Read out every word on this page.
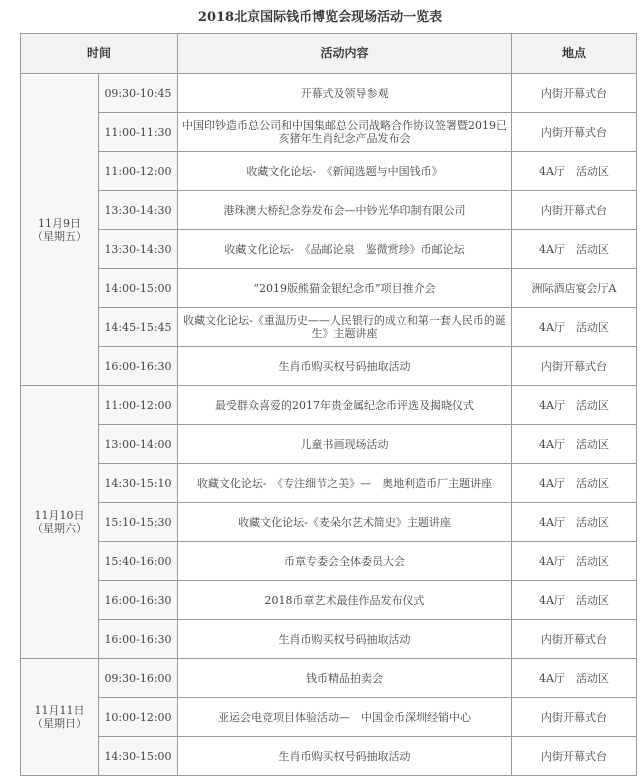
2018北京国际钱币博览会现场活动一览表
时间		活动内容	地点

11月9日
（星期五）	09:30-10:45	开幕式及领导参观	内街开幕式台
	11:00-11:30	中国印钞造币总公司和中国集邮总公司战略合作协议签署暨2019已亥猪年生肖纪念产品发布会	内街开幕式台
	11:00-12:00	收藏文化论坛-　《新闻选题与中国钱币》	4A厅　活动区
	13:30-14:30	港珠澳大桥纪念券发布会—中钞光华印制有限公司	内街开幕式台
	13:30-14:30	收藏文化论坛-　《品邮论泉　鉴微赏珍》币邮论坛	4A厅　活动区
	14:00-15:00	“2019版熊猫金银纪念币”项目推介会	洲际酒店宴会厅A
	14:45-15:45	收藏文化论坛-《重温历史——人民银行的成立和第一套人民币的诞生》主题讲座	4A厅　活动区
	16:00-16:30	生肖币购买权号码抽取活动	内街开幕式台

11月10日
（星期六）	11:00-12:00	最受群众喜爱的2017年贵金属纪念币评选及揭晓仪式	4A厅　活动区
	13:00-14:00	儿童书画现场活动	4A厅　活动区
	14:30-15:10	收藏文化论坛-　《专注细节之美》—　奥地利造币厂主题讲座	4A厅　活动区
	15:10-15:30	收藏文化论坛-《麦朵尔艺术简史》主题讲座	4A厅　活动区
	15:40-16:00	币章专委会全体委员大会	4A厅　活动区
	16:00-16:30	2018币章艺术最佳作品发布仪式	4A厅　活动区
	16:00-16:30	生肖币购买权号码抽取活动	内街开幕式台

11月11日
（星期日）	09:30-16:00	钱币精品拍卖会	4A厅　活动区
	10:00-12:00	亚运会电竞项目体验活动—　中国金币深圳经销中心	内街开幕式台
	14:30-15:00	生肖币购买权号码抽取活动	内街开幕式台
